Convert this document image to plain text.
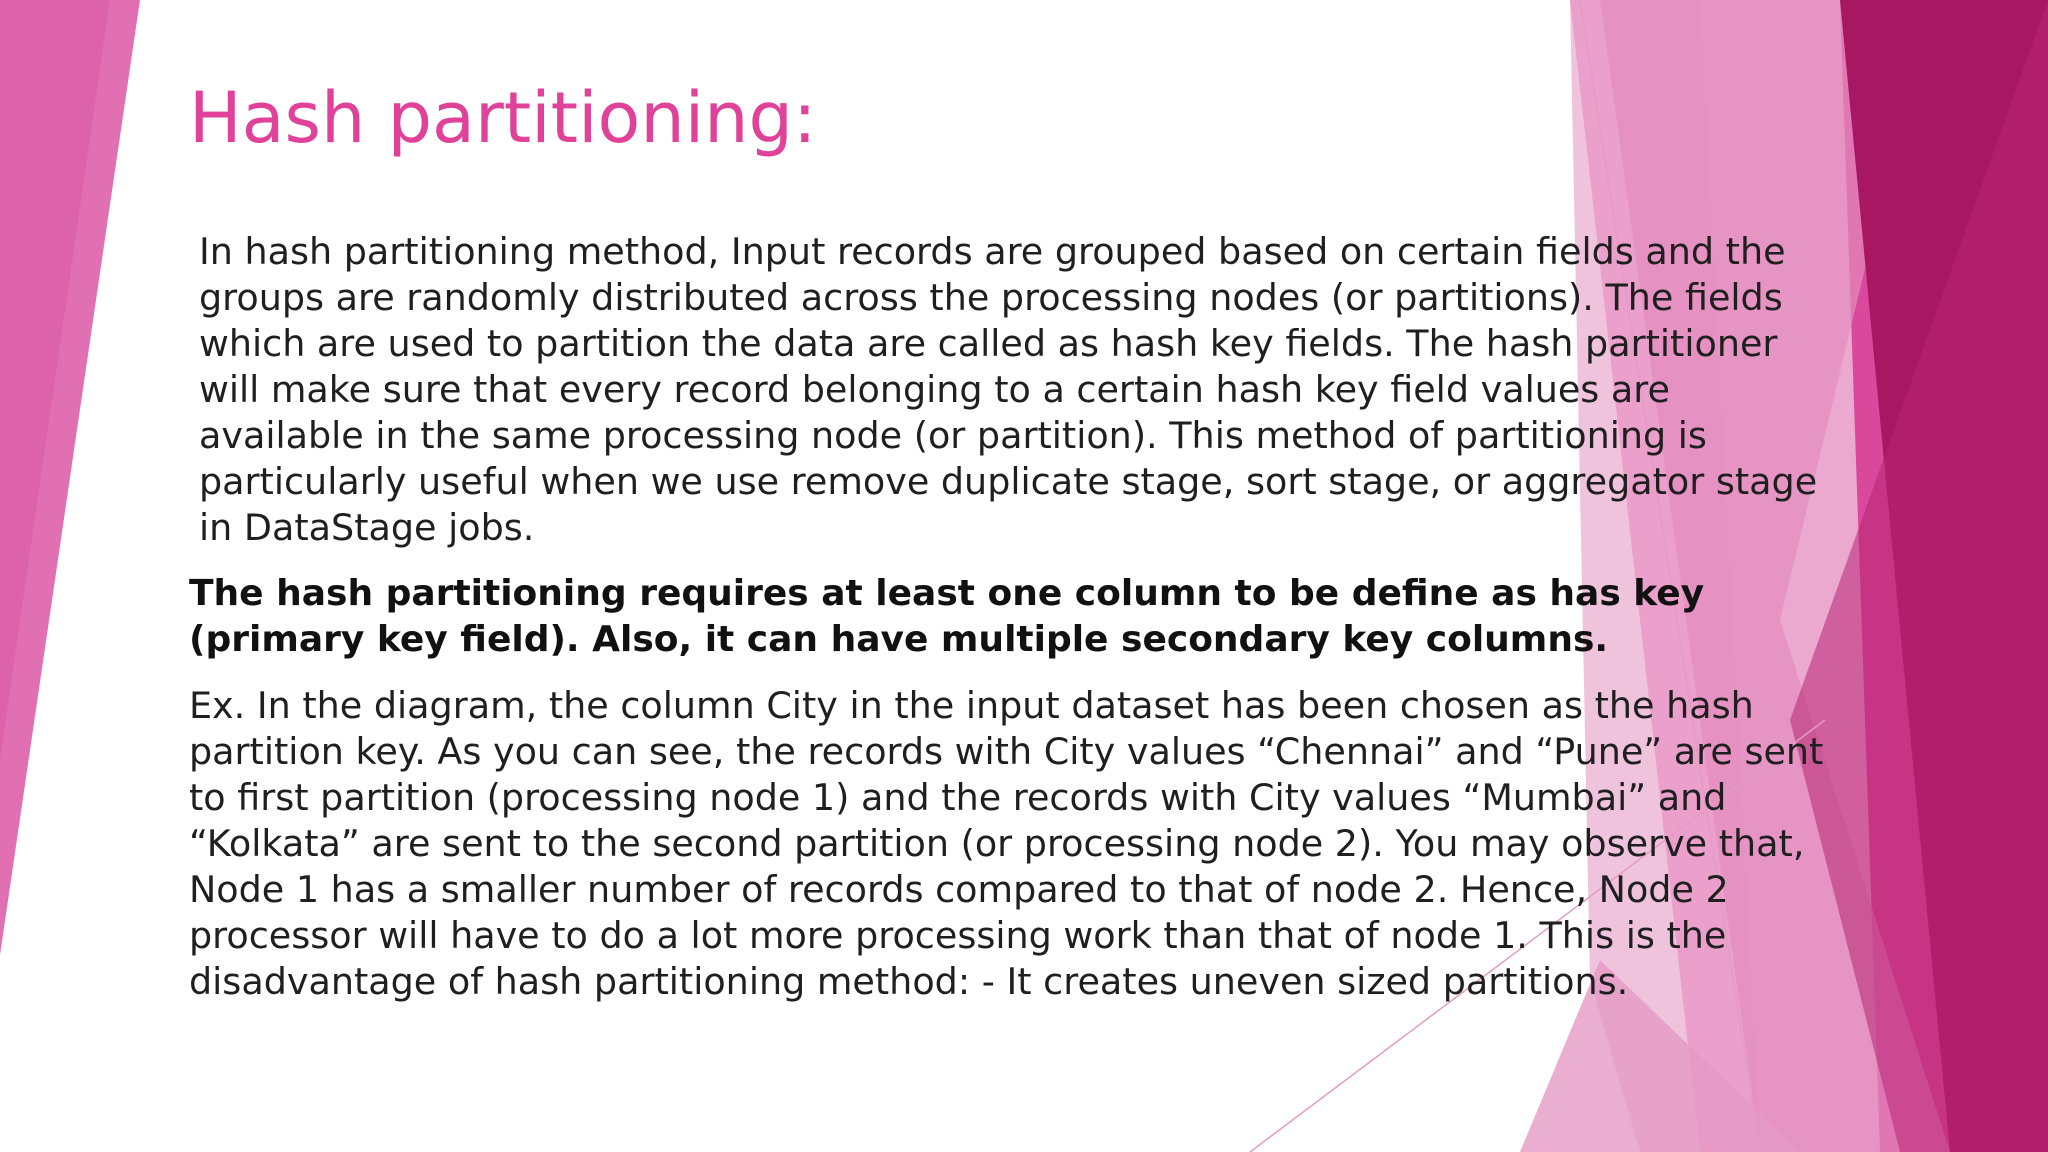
Hash partitioning:

In hash partitioning method, Input records are grouped based on certain fields and the groups are randomly distributed across the processing nodes (or partitions). The fields which are used to partition the data are called as hash key fields. The hash partitioner will make sure that every record belonging to a certain hash key field values are available in the same processing node (or partition). This method of partitioning is particularly useful when we use remove duplicate stage, sort stage, or aggregator stage in DataStage jobs.

The hash partitioning requires at least one column to be define as has key (primary key field). Also, it can have multiple secondary key columns.

Ex. In the diagram, the column City in the input dataset has been chosen as the hash partition key. As you can see, the records with City values “Chennai” and “Pune” are sent to first partition (processing node 1) and the records with City values “Mumbai” and “Kolkata” are sent to the second partition (or processing node 2). You may observe that, Node 1 has a smaller number of records compared to that of node 2. Hence, Node 2 processor will have to do a lot more processing work than that of node 1. This is the disadvantage of hash partitioning method: - It creates uneven sized partitions.
